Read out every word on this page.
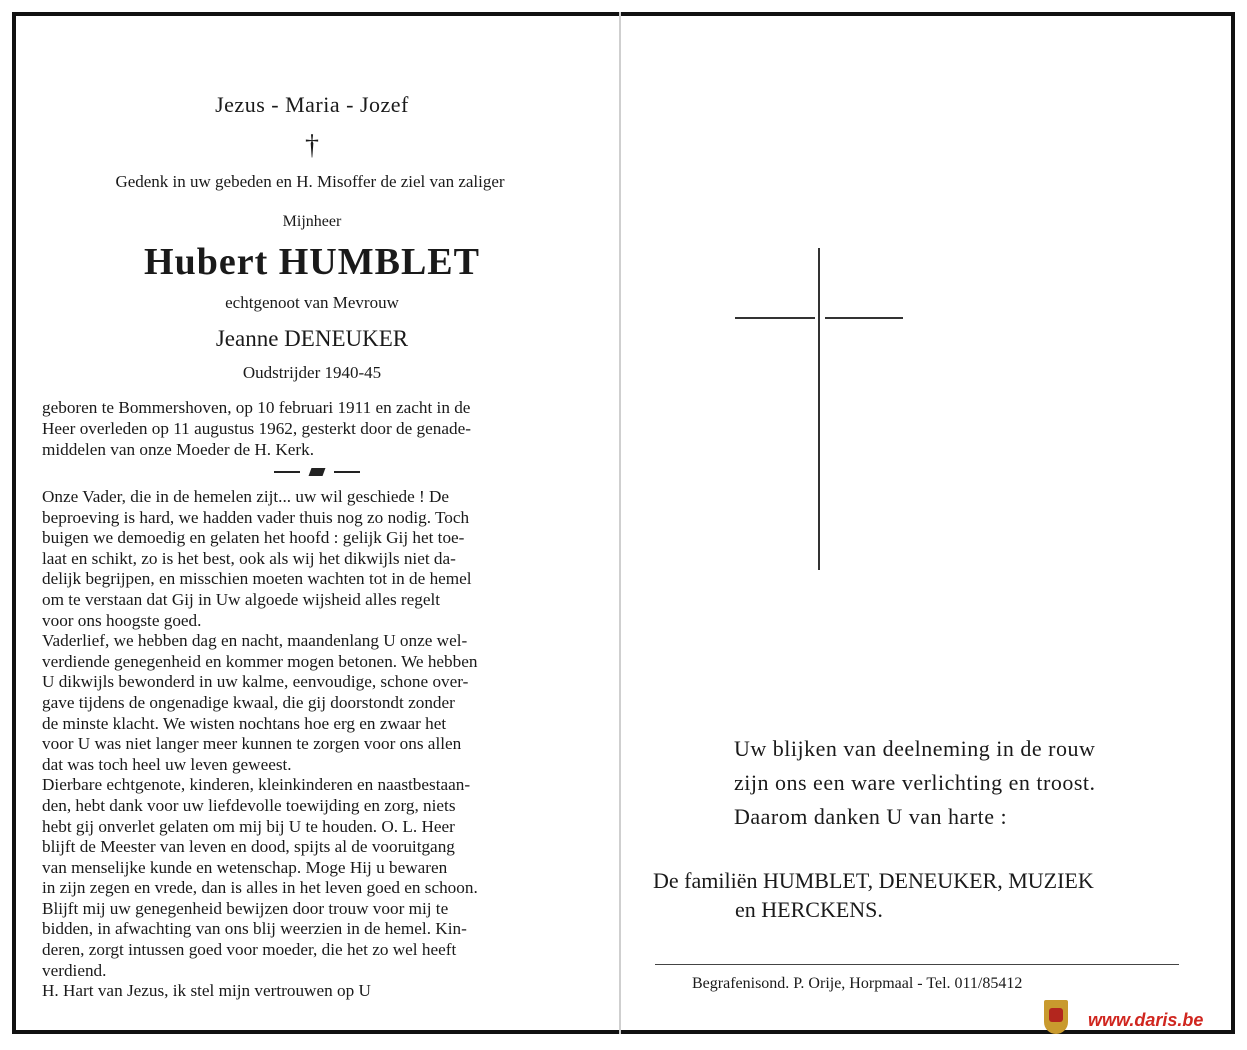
Jezus - Maria - Jozef
†
Gedenk in uw gebeden en H. Misoffer de ziel van zaliger
Mijnheer
Hubert HUMBLET
echtgenoot van Mevrouw
Jeanne DENEUKER
Oudstrijder 1940-45
geboren te Bommershoven, op 10 februari 1911 en zacht in de
Heer overleden op 11 augustus 1962, gesterkt door de genade-
middelen van onze Moeder de H. Kerk.
Onze Vader, die in de hemelen zijt... uw wil geschiede ! De
beproeving is hard, we hadden vader thuis nog zo nodig. Toch
buigen we demoedig en gelaten het hoofd : gelijk Gij het toe-
laat en schikt, zo is het best, ook als wij het dikwijls niet da-
delijk begrijpen, en misschien moeten wachten tot in de hemel
om te verstaan dat Gij in Uw algoede wijsheid alles regelt
voor ons hoogste goed.
Vaderlief, we hebben dag en nacht, maandenlang U onze wel-
verdiende genegenheid en kommer mogen betonen. We hebben
U dikwijls bewonderd in uw kalme, eenvoudige, schone over-
gave tijdens de ongenadige kwaal, die gij doorstondt zonder
de minste klacht. We wisten nochtans hoe erg en zwaar het
voor U was niet langer meer kunnen te zorgen voor ons allen
dat was toch heel uw leven geweest.
Dierbare echtgenote, kinderen, kleinkinderen en naastbestaan-
den, hebt dank voor uw liefdevolle toewijding en zorg, niets
hebt gij onverlet gelaten om mij bij U te houden. O. L. Heer
blijft de Meester van leven en dood, spijts al de vooruitgang
van menselijke kunde en wetenschap. Moge Hij u bewaren
in zijn zegen en vrede, dan is alles in het leven goed en schoon.
Blijft mij uw genegenheid bewijzen door trouw voor mij te
bidden, in afwachting van ons blij weerzien in de hemel. Kin-
deren, zorgt intussen goed voor moeder, die het zo wel heeft
verdiend.
H. Hart van Jezus, ik stel mijn vertrouwen op U
Uw blijken van deelneming in de rouw
zijn ons een ware verlichting en troost.
Daarom danken U van harte :
De familiën HUMBLET, DENEUKER, MUZIEK
en HERCKENS.
Begrafenisond. P. Orije, Horpmaal - Tel. 011/85412
www.daris.be
